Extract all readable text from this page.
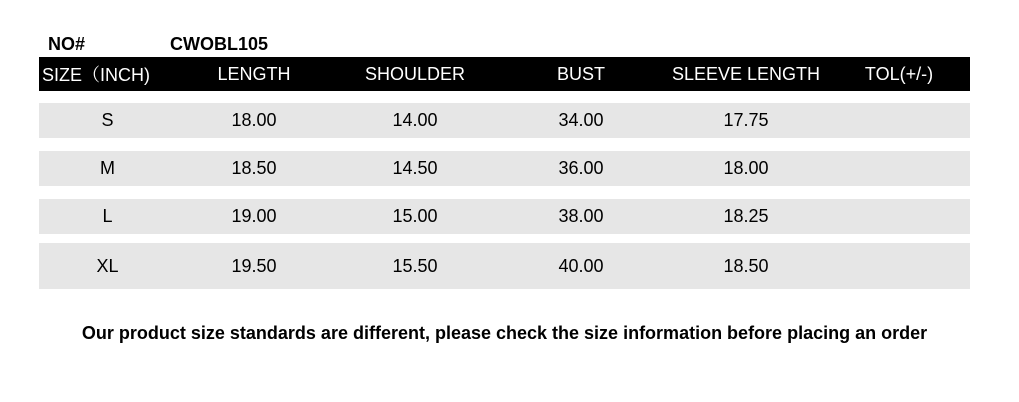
NO#	CWOBL105
SIZE（INCH)	LENGTH	SHOULDER	BUST	SLEEVE LENGTH	TOL(+/-)
S	18.00	14.00	34.00	17.75
M	18.50	14.50	36.00	18.00
L	19.00	15.00	38.00	18.25
XL	19.50	15.50	40.00	18.50
Our product size standards are different, please check the size information before placing an order
